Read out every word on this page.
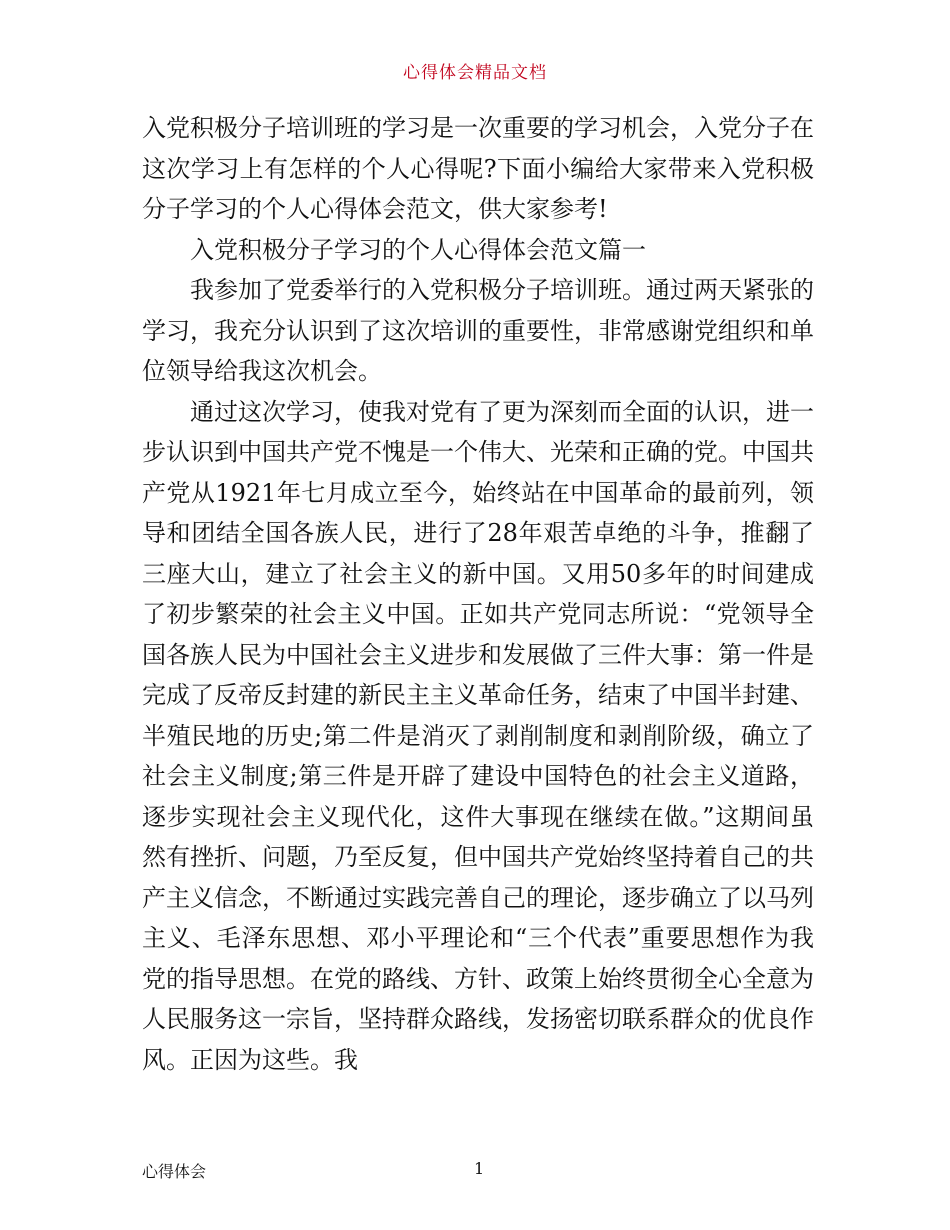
心得体会精品文档

入党积极分子培训班的学习是一次重要的学习机会，入党分子在这次学习上有怎样的个人心得呢?下面小编给大家带来入党积极分子学习的个人心得体会范文，供大家参考!

入党积极分子学习的个人心得体会范文篇一

我参加了党委举行的入党积极分子培训班。通过两天紧张的学习，我充分认识到了这次培训的重要性，非常感谢党组织和单位领导给我这次机会。

通过这次学习，使我对党有了更为深刻而全面的认识，进一步认识到中国共产党不愧是一个伟大、光荣和正确的党。中国共产党从1921年七月成立至今，始终站在中国革命的最前列，领导和团结全国各族人民，进行了28年艰苦卓绝的斗争，推翻了三座大山，建立了社会主义的新中国。又用50多年的时间建成了初步繁荣的社会主义中国。正如共产党同志所说：“党领导全国各族人民为中国社会主义进步和发展做了三件大事：第一件是完成了反帝反封建的新民主主义革命任务，结束了中国半封建、半殖民地的历史;第二件是消灭了剥削制度和剥削阶级，确立了社会主义制度;第三件是开辟了建设中国特色的社会主义道路，逐步实现社会主义现代化，这件大事现在继续在做。”这期间虽然有挫折、问题，乃至反复，但中国共产党始终坚持着自己的共产主义信念，不断通过实践完善自己的理论，逐步确立了以马列主义、毛泽东思想、邓小平理论和“三个代表”重要思想作为我党的指导思想。在党的路线、方针、政策上始终贯彻全心全意为人民服务这一宗旨，坚持群众路线，发扬密切联系群众的优良作风。正因为这些。我

心得体会	1
